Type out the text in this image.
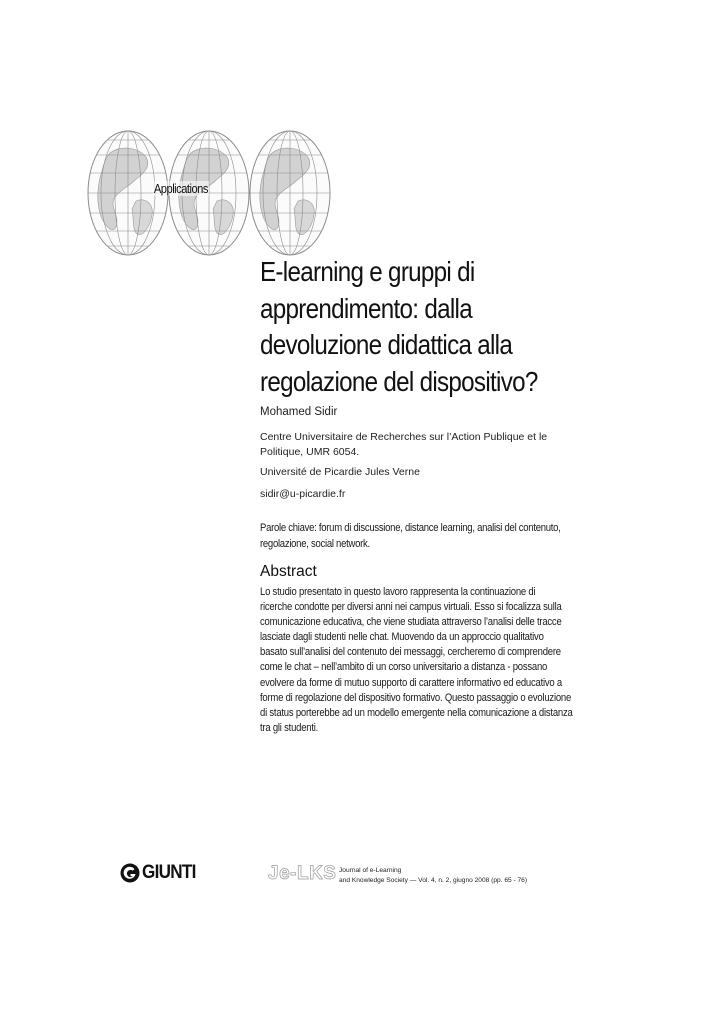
Applications
E-learning e gruppi di
apprendimento: dalla
devoluzione didattica alla
regolazione del dispositivo?
Mohamed Sidir
Centre Universitaire de Recherches sur l’Action Publique et le Politique, UMR 6054.
Université de Picardie Jules Verne
sidir@u-picardie.fr
Parole chiave: forum di discussione, distance learning, analisi del contenuto, regolazione, social network.
Abstract
Lo studio presentato in questo lavoro rappresenta la continuazione di
ricerche condotte per diversi anni nei campus virtuali. Esso si focalizza sulla
comunicazione educativa, che viene studiata attraverso l’analisi delle tracce
lasciate dagli studenti nelle chat. Muovendo da un approccio qualitativo
basato sull’analisi del contenuto dei messaggi, cercheremo di comprendere
come le chat – nell’ambito di un corso universitario a distanza - possano
evolvere da forme di mutuo supporto di carattere informativo ed educativo a
forme di regolazione del dispositivo formativo. Questo passaggio o evoluzione
di status porterebbe ad un modello emergente nella comunicazione a distanza
tra gli studenti.
GIUNTI	Je-LKS Journal of e-Learning
and Knowledge Society — Vol. 4, n. 2, giugno 2008 (pp. 65 - 76)
